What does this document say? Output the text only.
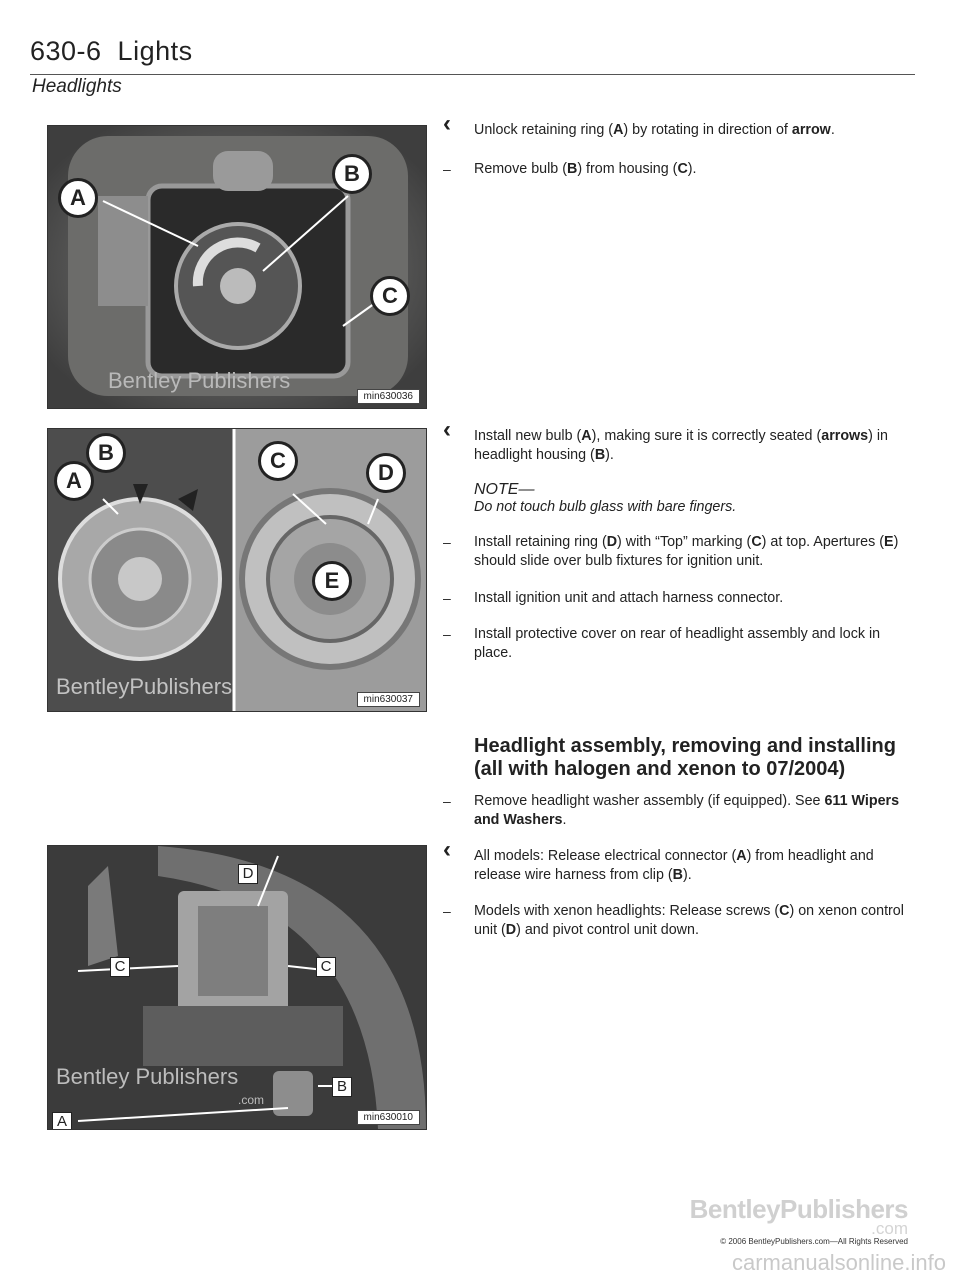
630-6  Lights
Headlights
Bentley Publishers
A
B
C
min630036
BentleyPublishers
A
B	C	D
E
min630037
Bentley Publishers
.com
D
C	C
B
A	min630010
‹	Unlock retaining ring (A) by rotating in direction of arrow.
–	Remove bulb (B) from housing (C).
‹	Install new bulb (A), making sure it is correctly seated (arrows) in headlight housing (B).
NOTE—
Do not touch bulb glass with bare fingers.
–	Install retaining ring (D) with “Top” marking (C) at top. Apertures (E) should slide over bulb fixtures for ignition unit.
–	Install ignition unit and attach harness connector.
–	Install protective cover on rear of headlight assembly and lock in place.
Headlight assembly, removing and installing (all with halogen and xenon to 07/2004)
–	Remove headlight washer assembly (if equipped). See 611 Wipers and Washers.
‹	All models: Release electrical connector (A) from headlight and release wire harness from clip (B).
–	Models with xenon headlights: Release screws (C) on xenon control unit (D) and pivot control unit down.
BentleyPublishers
.com
© 2006 BentleyPublishers.com—All Rights Reserved
carmanualsonline.info
